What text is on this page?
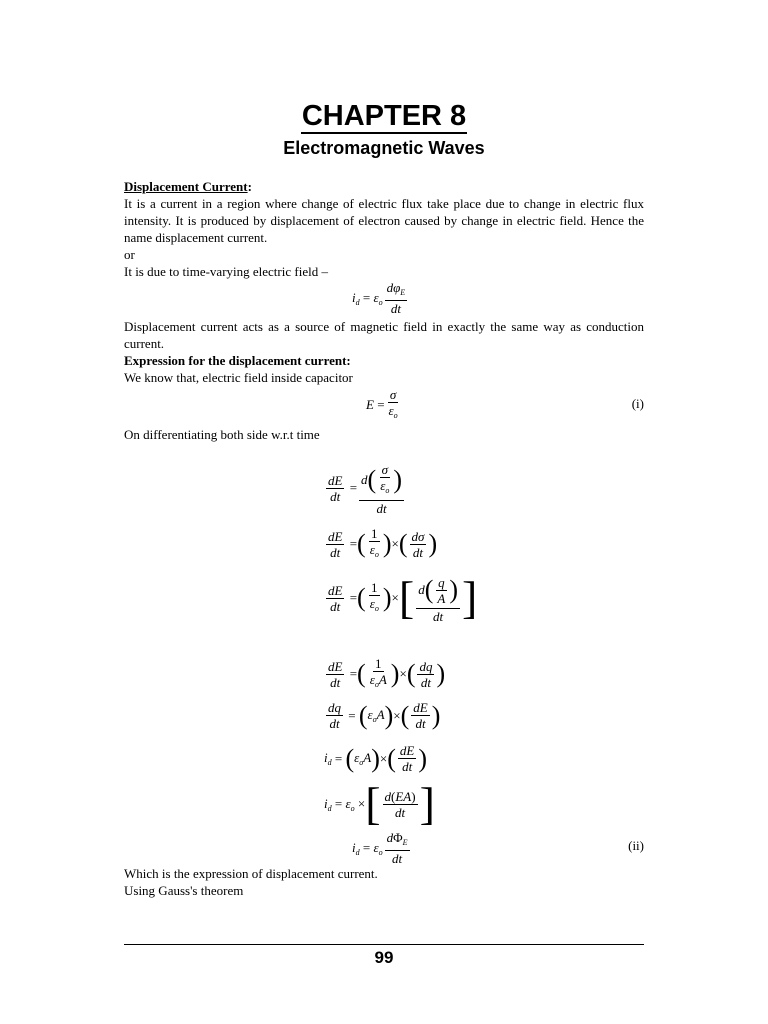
CHAPTER 8
Electromagnetic Waves
Displacement Current:
It is a current in a region where change of electric flux take place due to change in electric flux intensity. It is produced by displacement of electron caused by change in electric field. Hence the name displacement current.
or
It is due to time-varying electric field –
$i_d$
=
$\varepsilon_o \frac{d\varphi_E}{dt}$
Displacement current acts as a source of magnetic field in exactly the same way as conduction current.
Expression for the displacement current:
We know that, electric field inside capacitor
E
= $\frac{\sigma}{\varepsilon_o}$	(i)
On differentiating both side w.r.t time
$\frac{dE}{dt}$
= $\frac{d ( \frac{\sigma}{\varepsilon_o} )}{dt}$
$\frac{dE}{dt}$
= ( $\frac{1}{\varepsilon_o}$ ) × ( $\frac{d\sigma}{dt}$ )
$\frac{dE}{dt}$
= ( $\frac{1}{\varepsilon_o}$ ) × [ $\frac{d ( \frac{q}{A} )}{dt}$ ]
$\frac{dE}{dt}$
= ( $\frac{1}{\varepsilon_oA}$ ) × ( $\frac{dq}{dt}$ )
$\frac{dq}{dt}$
=
( $\varepsilon_oA$ ) × ( $\frac{dE}{dt}$ )
$i_d$
=
( $\varepsilon_oA$ ) × ( $\frac{dE}{dt}$ )
$i_d$
=
$\varepsilon_o$
× [ $\frac{d(EA)}{dt}$ ]
$i_d$
=
$\varepsilon_o \frac{d\Phi_E}{dt}$	(ii)
Which is the expression of displacement current.
Using Gauss's theorem
99
